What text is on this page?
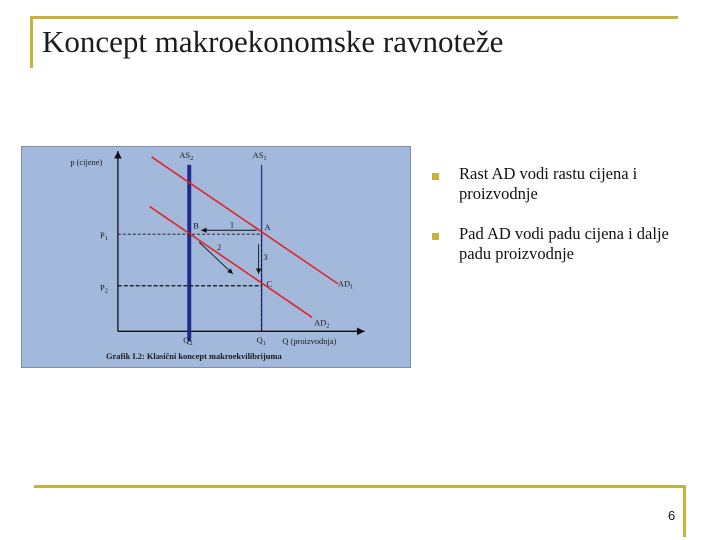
Koncept makroekonomske ravnoteže
p (cijene)
Q (proizvodnja)
$AS_2$	$AS_1$
$AD_1$
$AD_2$
$P_1$
$P_2$
$Q_2$	$Q_1$
A
B
C
1
2
3
Grafik I.2: Klasični koncept makroekvilibrijuma
Rast AD vodi rastu cijena i proizvodnje
Pad AD vodi padu cijena i dalje padu proizvodnje
6
